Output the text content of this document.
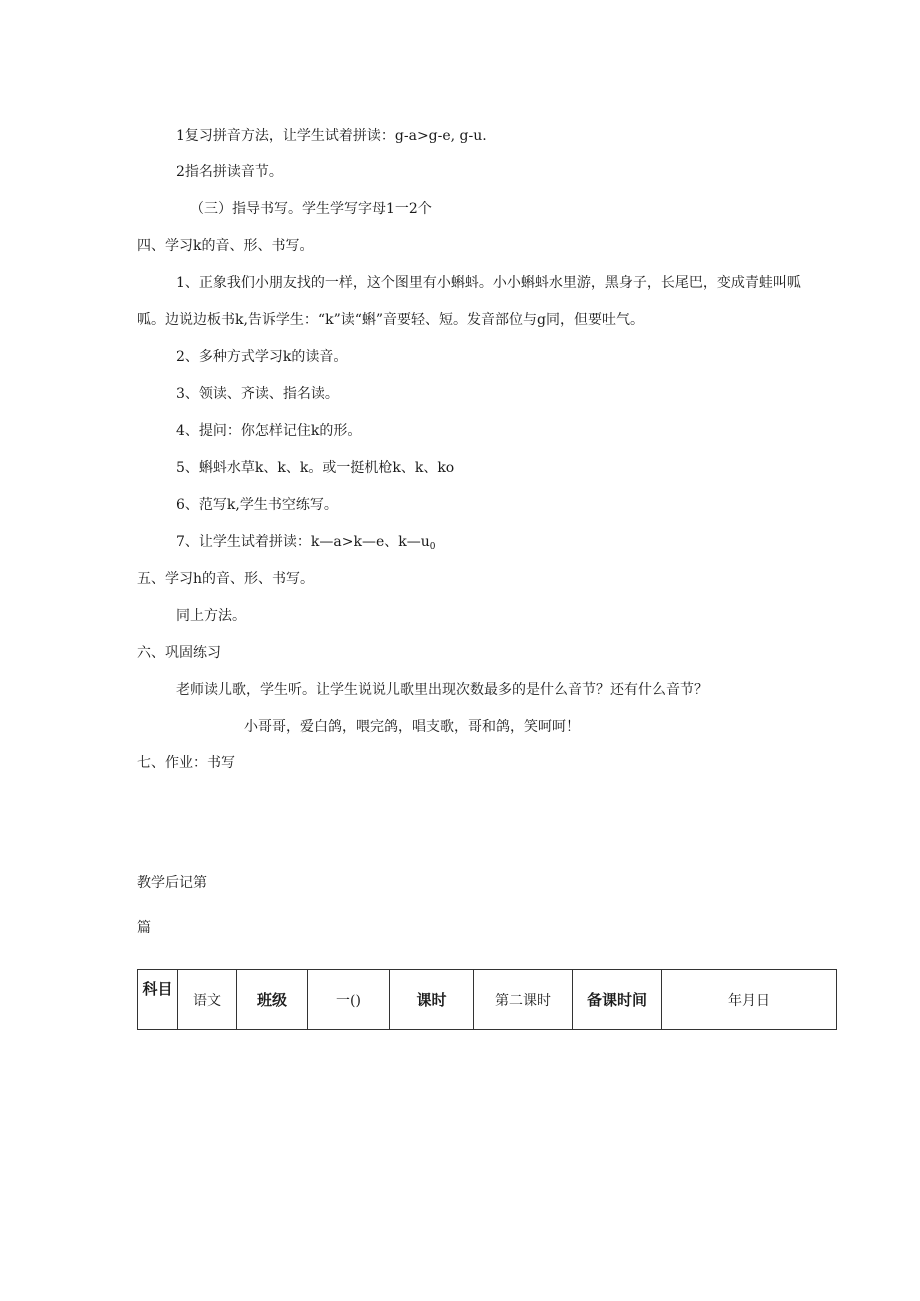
1复习拼音方法，让学生试着拼读：g-a>g-e, g-u.
2指名拼读音节。
（三）指导书写。学生学写字母1一2个
四、学习k的音、形、书写。
1、正象我们小朋友找的一样，这个图里有小蝌蚪。小小蝌蚪水里游，黑身子，长尾巴，变成青蛙叫呱
呱。边说边板书k,告诉学生：“k”读“蝌”音要轻、短。发音部位与g同，但要吐气。
2、多种方式学习k的读音。
3、领读、齐读、指名读。
4、提问：你怎样记住k的形。
5、蝌蚪水草k、k、k。或一挺机枪k、k、ko
6、范写k,学生书空练写。
7、让学生试着拼读：k—a>k—e、$k—u_0$
五、学习h的音、形、书写。
同上方法。
六、巩固练习
老师读儿歌，学生听。让学生说说儿歌里出现次数最多的是什么音节？还有什么音节？
小哥哥，爱白鸽，喂完鸽，唱支歌，哥和鸽，笑呵呵！
七、作业：书写
教学后记第
篇
科目	语文	班级	一()	课时	第二课时	备课时间	年月日
